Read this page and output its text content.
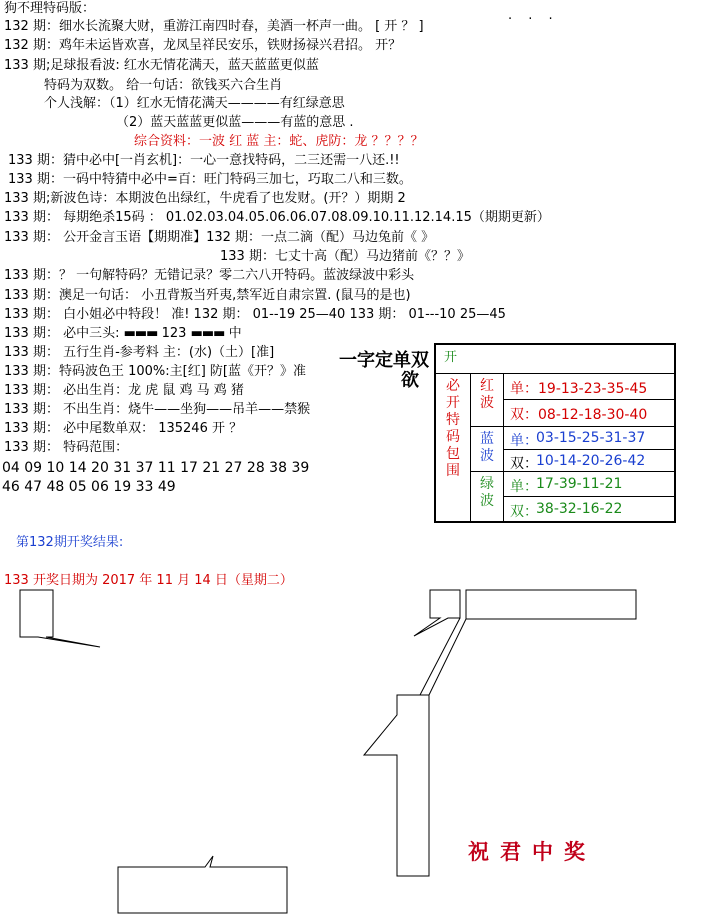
狗不理特码版：
· · ·
132 期：细水长流聚大财，重游江南四时春，美酒一杯声一曲。 [ 开 ？ ]
132 期：鸡年未运皆欢喜，龙凤呈祥民安乐，铁财扬禄兴君招。 开？
133 期;足球报看波: 红水无情花满天，蓝天蓝蓝更似蓝
特码为双数。 给一句话：欲钱买六合生肖
个人浅解：（1）红水无情花满天————有红绿意思
（2）蓝天蓝蓝更似蓝———有蓝的意思 .
综合资料：一波 红 蓝 主：蛇、虎防：龙 ？？？？
133 期：猜中必中[一肖玄机]：一心一意找特码，二三还需一八还.!!
133 期：一码中特猜中必中=百：旺门特码三加七，巧取二八和三数。
133 期;新波色诗：本期波色出绿红，牛虎看了也发财。(开？）期期 2
133 期： 每期绝杀15码 ： 01.02.03.04.05.06.06.07.08.09.10.11.12.14.15（期期更新）
133 期： 公开金言玉语【期期准】132 期：一点二滴（配）马边兔前《 》
133 期：七丈十高（配）马边猪前《？？》
133 期：？ 一句解特码？无错记录？零二六八开特码。蓝波绿波中彩头
133 期：澳足一句话： 小丑背叛当歼夷,禁军近自肃宗置. (鼠马的是也)
133 期： 白小姐必中特段！ 准! 132 期： 01--19 25—40 133 期： 01---10 25—45
133 期： 必中三头: ▬▬▬ 123 ▬▬▬ 中
133 期： 五行生肖-参考料 主：(水)（土）[准]
133 期：特码波色王 100%:主[红] 防[蓝《开？》准
133 期： 必出生肖：龙 虎 鼠 鸡 马 鸡 猪
133 期： 不出生肖：烧牛——坐狗——吊羊——禁猴
133 期： 必中尾数单双： 135246 开 ？
133 期： 特码范围：
04 09 10 14 20 31 37 11 17 21 27 28 38 39
46 47 48 05 06 19 33 49
一字定单双
欲
开
必开特码包围
红波
蓝波
绿波
单：19-13-23-35-45
双：08-12-18-30-40
单：
03-15-25-31-37
双：
10-14-20-26-42
单：
17-39-11-21
双：
38-32-16-22
第132期开奖结果:
133 开奖日期为 2017 年 11 月 14 日（星期二）
祝君中奖
